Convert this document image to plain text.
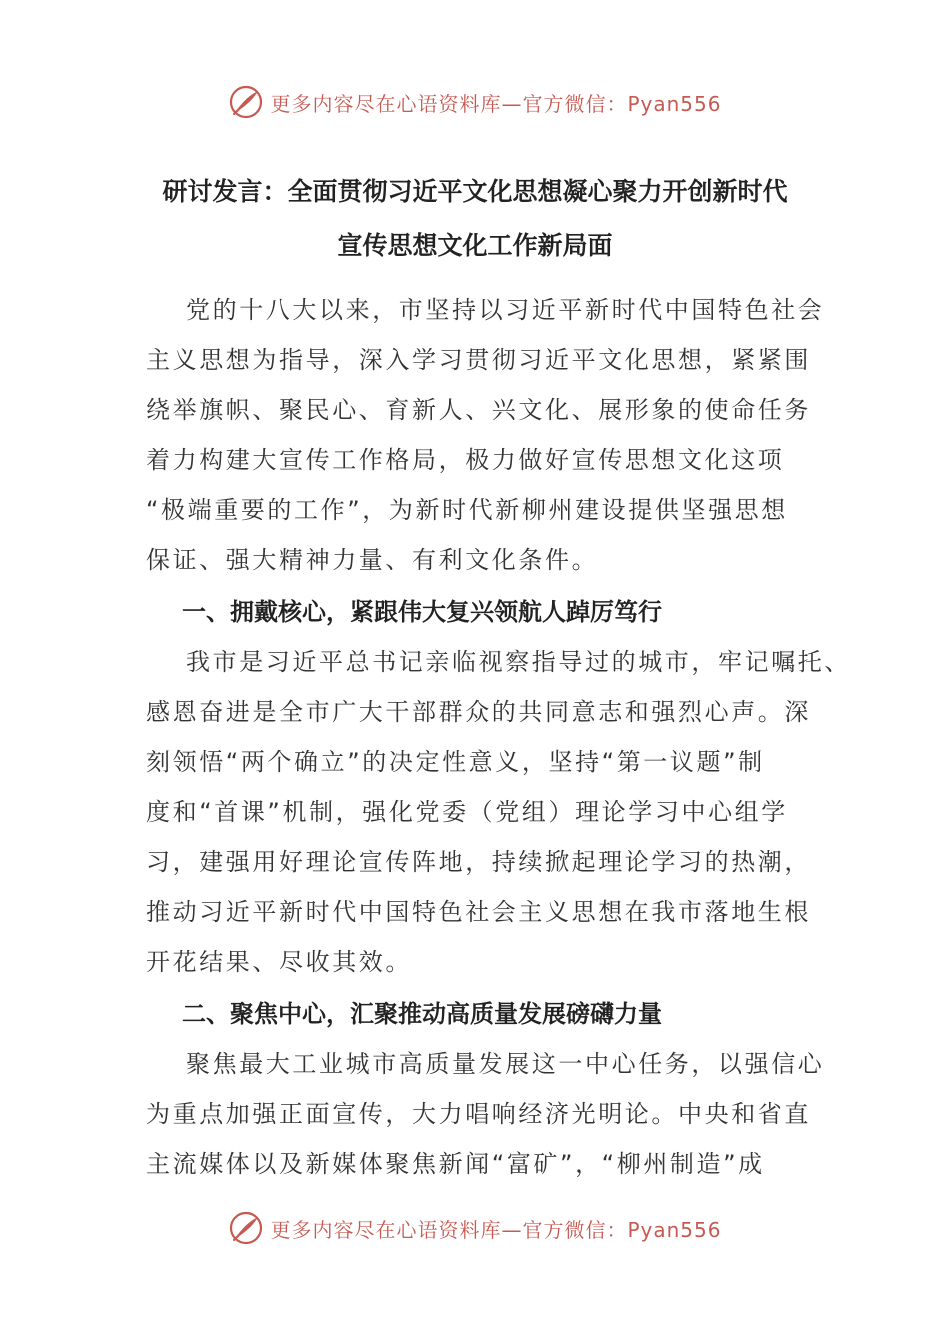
更多内容尽在心语资料库—官方微信：Pyan556
研讨发言：全面贯彻习近平文化思想凝心聚力开创新时代
宣传思想文化工作新局面
党的十八大以来，市坚持以习近平新时代中国特色社会
主义思想为指导，深入学习贯彻习近平文化思想，紧紧围
绕举旗帜、聚民心、育新人、兴文化、展形象的使命任务
着力构建大宣传工作格局，极力做好宣传思想文化这项
“极端重要的工作”，为新时代新柳州建设提供坚强思想
保证、强大精神力量、有利文化条件。
一、拥戴核心，紧跟伟大复兴领航人踔厉笃行
我市是习近平总书记亲临视察指导过的城市，牢记嘱托、
感恩奋进是全市广大干部群众的共同意志和强烈心声。深
刻领悟“两个确立”的决定性意义，坚持“第一议题”制
度和“首课”机制，强化党委（党组）理论学习中心组学
习，建强用好理论宣传阵地，持续掀起理论学习的热潮，
推动习近平新时代中国特色社会主义思想在我市落地生根
开花结果、尽收其效。
二、聚焦中心，汇聚推动高质量发展磅礴力量
聚焦最大工业城市高质量发展这一中心任务，以强信心
为重点加强正面宣传，大力唱响经济光明论。中央和省直
主流媒体以及新媒体聚焦新闻“富矿”，“柳州制造”成
更多内容尽在心语资料库—官方微信：Pyan556
